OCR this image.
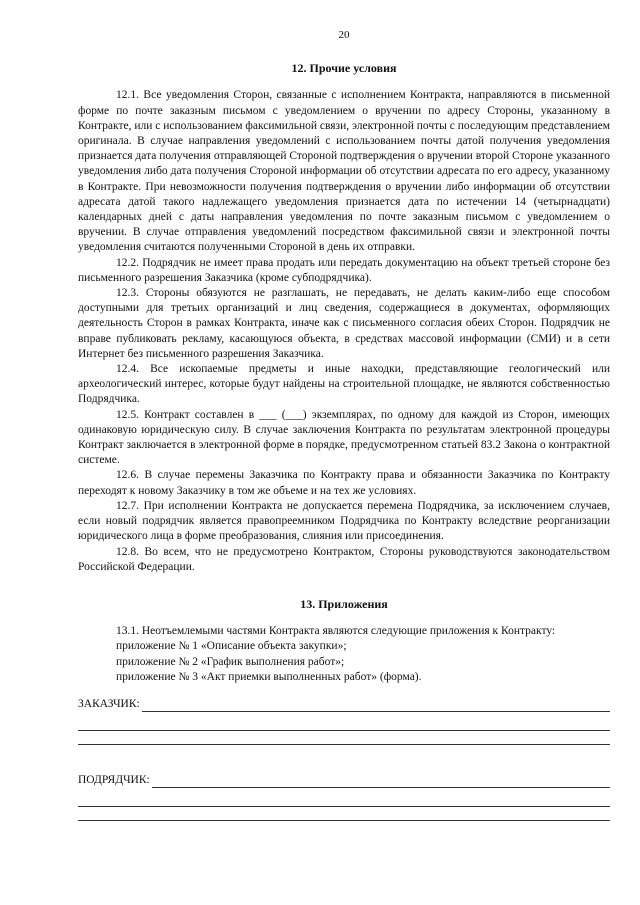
20
12. Прочие условия

12.1. Все уведомления Сторон, связанные с исполнением Контракта, направляются в письменной форме по почте заказным письмом с уведомлением о вручении по адресу Стороны, указанному в Контракте, или с использованием факсимильной связи, электронной почты с последующим представлением оригинала. В случае направления уведомлений с использованием почты датой получения уведомления признается дата получения отправляющей Стороной подтверждения о вручении второй Стороне указанного уведомления либо дата получения Стороной информации об отсутствии адресата по его адресу, указанному в Контракте. При невозможности получения подтверждения о вручении либо информации об отсутствии адресата датой такого надлежащего уведомления признается дата по истечении 14 (четырнадцати) календарных дней с даты направления уведомления по почте заказным письмом с уведомлением о вручении. В случае отправления уведомлений посредством факсимильной связи и электронной почты уведомления считаются полученными Стороной в день их отправки.

12.2. Подрядчик не имеет права продать или передать документацию на объект третьей стороне без письменного разрешения Заказчика (кроме субподрядчика).

12.3. Стороны обязуются не разглашать, не передавать, не делать каким-либо еще способом доступными для третьих организаций и лиц сведения, содержащиеся в документах, оформляющих деятельность Сторон в рамках Контракта, иначе как с письменного согласия обеих Сторон. Подрядчик не вправе публиковать рекламу, касающуюся объекта, в средствах массовой информации (СМИ) и в сети Интернет без письменного разрешения Заказчика.

12.4. Все ископаемые предметы и иные находки, представляющие геологический или археологический интерес, которые будут найдены на строительной площадке, не являются собственностью Подрядчика.

12.5. Контракт составлен в ___ (___) экземплярах, по одному для каждой из Сторон, имеющих одинаковую юридическую силу. В случае заключения Контракта по результатам электронной процедуры Контракт заключается в электронной форме в порядке, предусмотренном статьей 83.2 Закона о контрактной системе.

12.6. В случае перемены Заказчика по Контракту права и обязанности Заказчика по Контракту переходят к новому Заказчику в том же объеме и на тех же условиях.

12.7. При исполнении Контракта не допускается перемена Подрядчика, за исключением случаев, если новый подрядчик является правопреемником Подрядчика по Контракту вследствие реорганизации юридического лица в форме преобразования, слияния или присоединения.

12.8. Во всем, что не предусмотрено Контрактом, Стороны руководствуются законодательством Российской Федерации.

13. Приложения

13.1. Неотъемлемыми частями Контракта являются следующие приложения к Контракту:

приложение № 1 «Описание объекта закупки»;
приложение № 2 «График выполнения работ»;
приложение № 3 «Акт приемки выполненных работ» (форма).
ЗАКАЗЧИК:
ПОДРЯДЧИК:
